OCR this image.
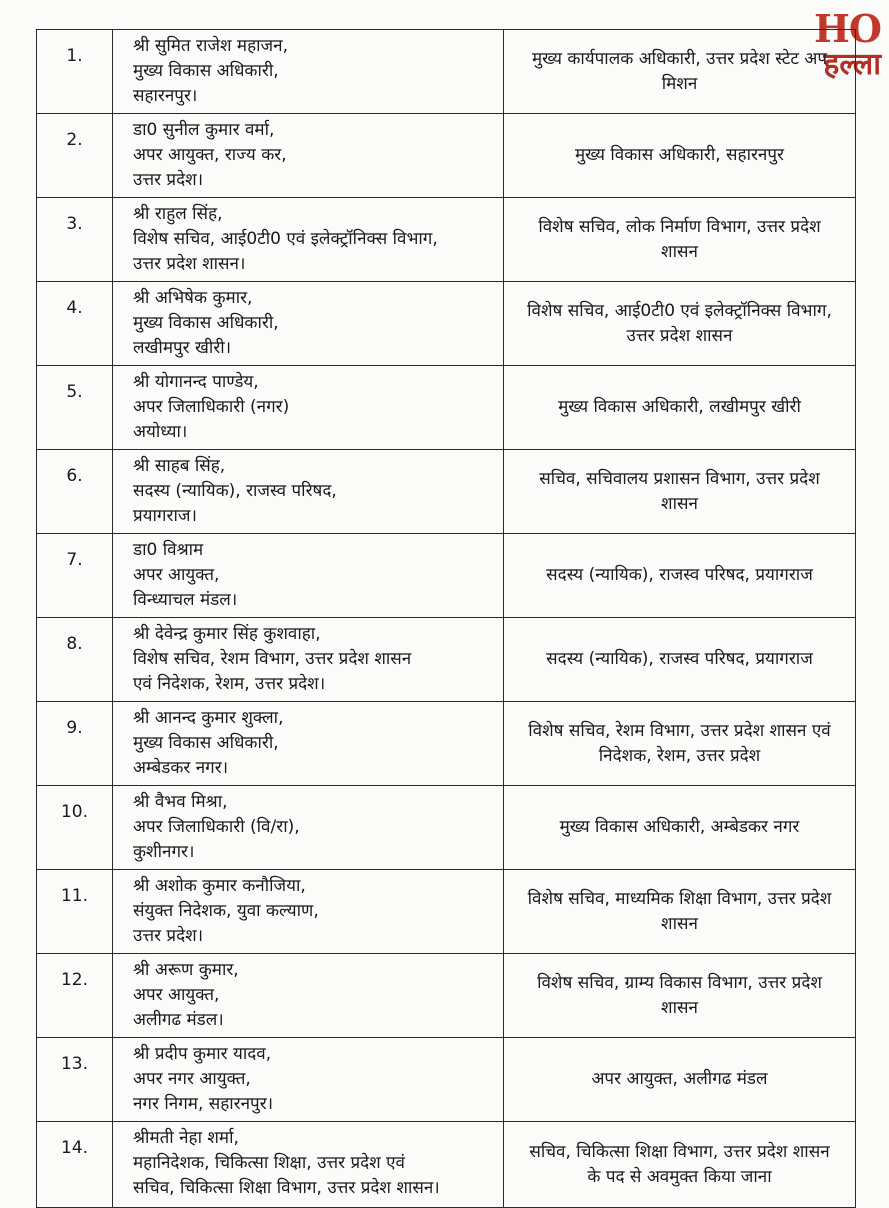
HO
हल्ला
1.	श्री सुमित राजेश महाजन,
मुख्य विकास अधिकारी,
सहारनपुर।	मुख्य कार्यपालक अधिकारी, उत्तर प्रदेश स्टेट अप
मिशन

2.	डा0 सुनील कुमार वर्मा,
अपर आयुक्त, राज्य कर,
उत्तर प्रदेश।	मुख्य विकास अधिकारी, सहारनपुर

3.	श्री राहुल सिंह,
विशेष सचिव, आई0टी0 एवं इलेक्ट्रॉनिक्स विभाग,
उत्तर प्रदेश शासन।	विशेष सचिव, लोक निर्माण विभाग, उत्तर प्रदेश
शासन

4.	श्री अभिषेक कुमार,
मुख्य विकास अधिकारी,
लखीमपुर खीरी।	विशेष सचिव, आई0टी0 एवं इलेक्ट्रॉनिक्स विभाग,
उत्तर प्रदेश शासन

5.	श्री योगानन्द पाण्डेय,
अपर जिलाधिकारी (नगर)
अयोध्या।	मुख्य विकास अधिकारी, लखीमपुर खीरी

6.	श्री साहब सिंह,
सदस्य (न्यायिक), राजस्व परिषद,
प्रयागराज।	सचिव, सचिवालय प्रशासन विभाग, उत्तर प्रदेश
शासन

7.	डा0 विश्राम
अपर आयुक्त,
विन्ध्याचल मंडल।	सदस्य (न्यायिक), राजस्व परिषद, प्रयागराज

8.	श्री देवेन्द्र कुमार सिंह कुशवाहा,
विशेष सचिव, रेशम विभाग, उत्तर प्रदेश शासन
एवं निदेशक, रेशम, उत्तर प्रदेश।	सदस्य (न्यायिक), राजस्व परिषद, प्रयागराज

9.	श्री आनन्द कुमार शुक्ला,
मुख्य विकास अधिकारी,
अम्बेडकर नगर।	विशेष सचिव, रेशम विभाग, उत्तर प्रदेश शासन एवं
निदेशक, रेशम, उत्तर प्रदेश

10.	श्री वैभव मिश्रा,
अपर जिलाधिकारी (वि/रा),
कुशीनगर।	मुख्य विकास अधिकारी, अम्बेडकर नगर

11.	श्री अशोक कुमार कनौजिया,
संयुक्त निदेशक, युवा कल्याण,
उत्तर प्रदेश।	विशेष सचिव, माध्यमिक शिक्षा विभाग, उत्तर प्रदेश
शासन

12.	श्री अरूण कुमार,
अपर आयुक्त,
अलीगढ मंडल।	विशेष सचिव, ग्राम्य विकास विभाग, उत्तर प्रदेश
शासन

13.	श्री प्रदीप कुमार यादव,
अपर नगर आयुक्त,
नगर निगम, सहारनपुर।	अपर आयुक्त, अलीगढ मंडल

14.	श्रीमती नेहा शर्मा,
महानिदेशक, चिकित्सा शिक्षा, उत्तर प्रदेश एवं
सचिव, चिकित्सा शिक्षा विभाग, उत्तर प्रदेश शासन।	सचिव, चिकित्सा शिक्षा विभाग, उत्तर प्रदेश शासन
के पद से अवमुक्त किया जाना
